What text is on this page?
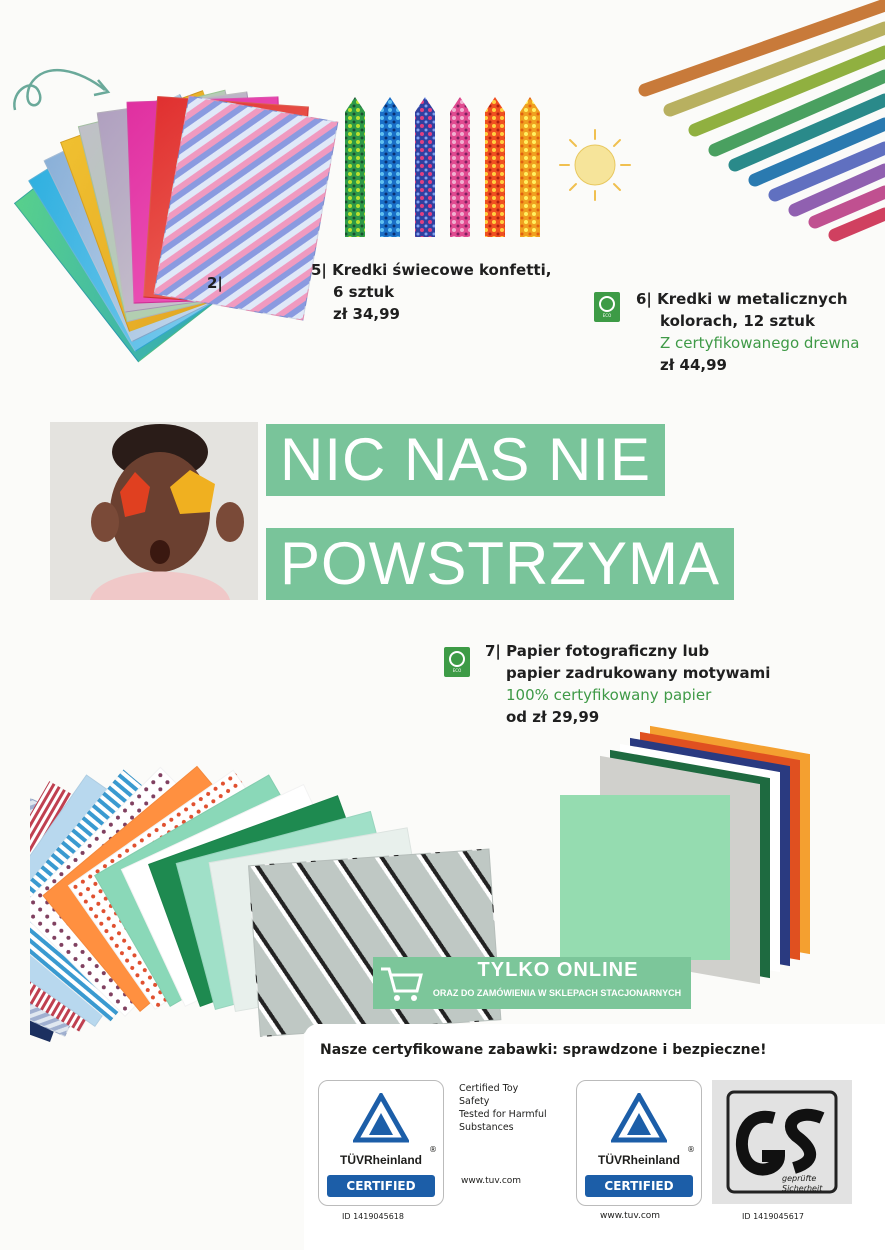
2|
5| Kredki świecowe konfetti,
6 sztuk
zł 34,99	ECO
6| Kredki w metalicznych
kolorach, 12 sztuk
Z certyfikowanego drewna
zł 44,99
NIC NAS NIE
POWSTRZYMA
ECO
7| Papier fotograficzny lub
papier zadrukowany motywami
100% certyfikowany papier
od zł 29,99
TYLKO ONLINE
ORAZ DO ZAMÓWIENIA W SKLEPACH STACJONARNYCH
Nasze certyfikowane zabawki: sprawdzone i bezpieczne!
®
TÜVRheinland
CERTIFIED
ID 1419045618
Certified Toy
Safety
Tested for Harmful
Substances
www.tuv.com
®
TÜVRheinland
CERTIFIED
www.tuv.com
geprüfte
Sicherheit
ID 1419045617
